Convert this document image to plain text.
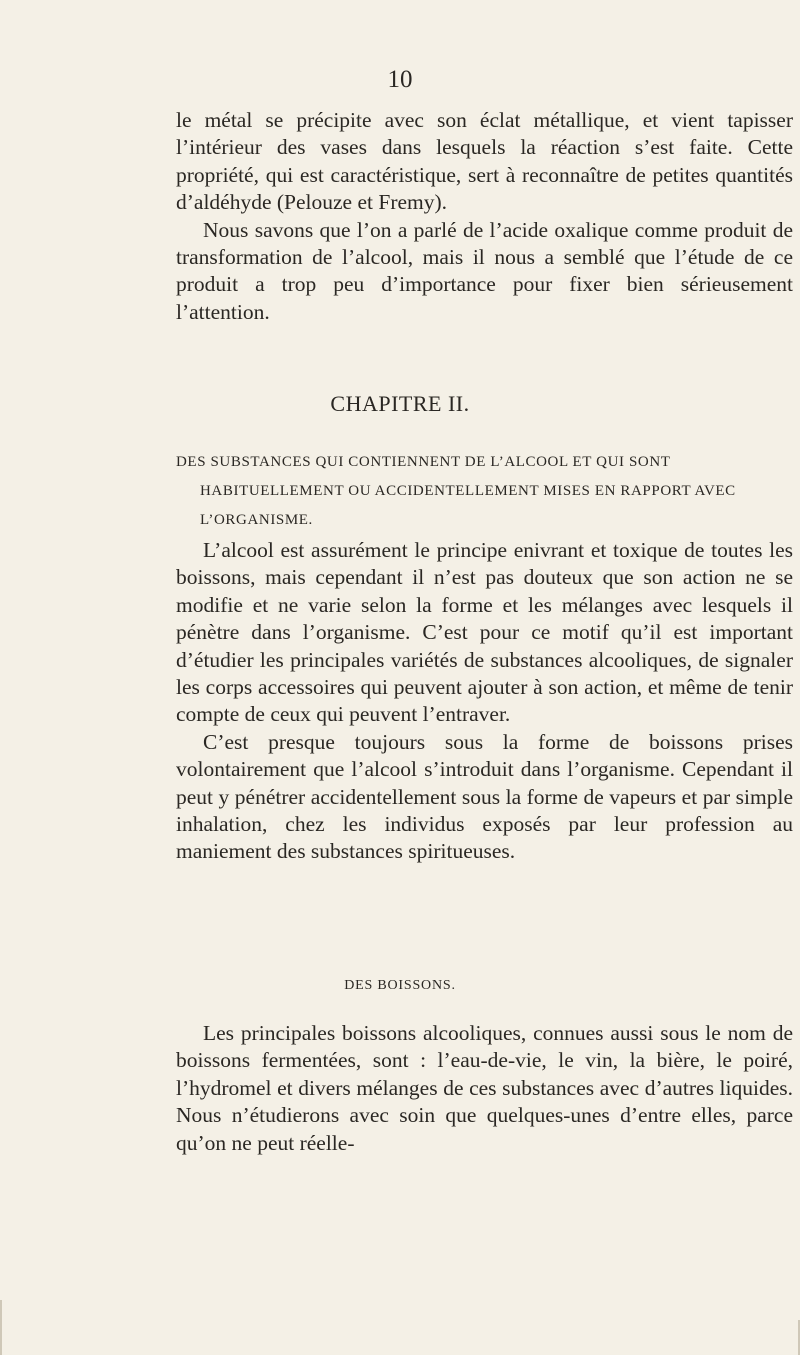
10

le métal se précipite avec son éclat métallique, et vient tapisser l’intérieur des vases dans lesquels la réaction s’est faite. Cette propriété, qui est caractéristique, sert à reconnaître de petites quantités d’aldéhyde (Pelouze et Fremy).

Nous savons que l’on a parlé de l’acide oxalique comme produit de transformation de l’alcool, mais il nous a semblé que l’étude de ce produit a trop peu d’importance pour fixer bien sérieusement l’attention.

CHAPITRE II.
DES SUBSTANCES QUI CONTIENNENT DE L’ALCOOL ET QUI SONT
HABITUELLEMENT OU ACCIDENTELLEMENT MISES EN RAPPORT AVEC
L’ORGANISME.

L’alcool est assurément le principe enivrant et toxique de toutes les boissons, mais cependant il n’est pas douteux que son action ne se modifie et ne varie selon la forme et les mélanges avec lesquels il pénètre dans l’organisme. C’est pour ce motif qu’il est important d’étudier les principales variétés de substances alcooliques, de signaler les corps accessoires qui peuvent ajouter à son action, et même de tenir compte de ceux qui peuvent l’entraver.

C’est presque toujours sous la forme de boissons prises volontairement que l’alcool s’introduit dans l’organisme. Cependant il peut y pénétrer accidentellement sous la forme de vapeurs et par simple inhalation, chez les individus exposés par leur profession au maniement des substances spiritueuses.

DES BOISSONS.

Les principales boissons alcooliques, connues aussi sous le nom de boissons fermentées, sont : l’eau-de-vie, le vin, la bière, le poiré, l’hydromel et divers mélanges de ces substances avec d’autres liquides. Nous n’étudierons avec soin que quelques-unes d’entre elles, parce qu’on ne peut réelle-
